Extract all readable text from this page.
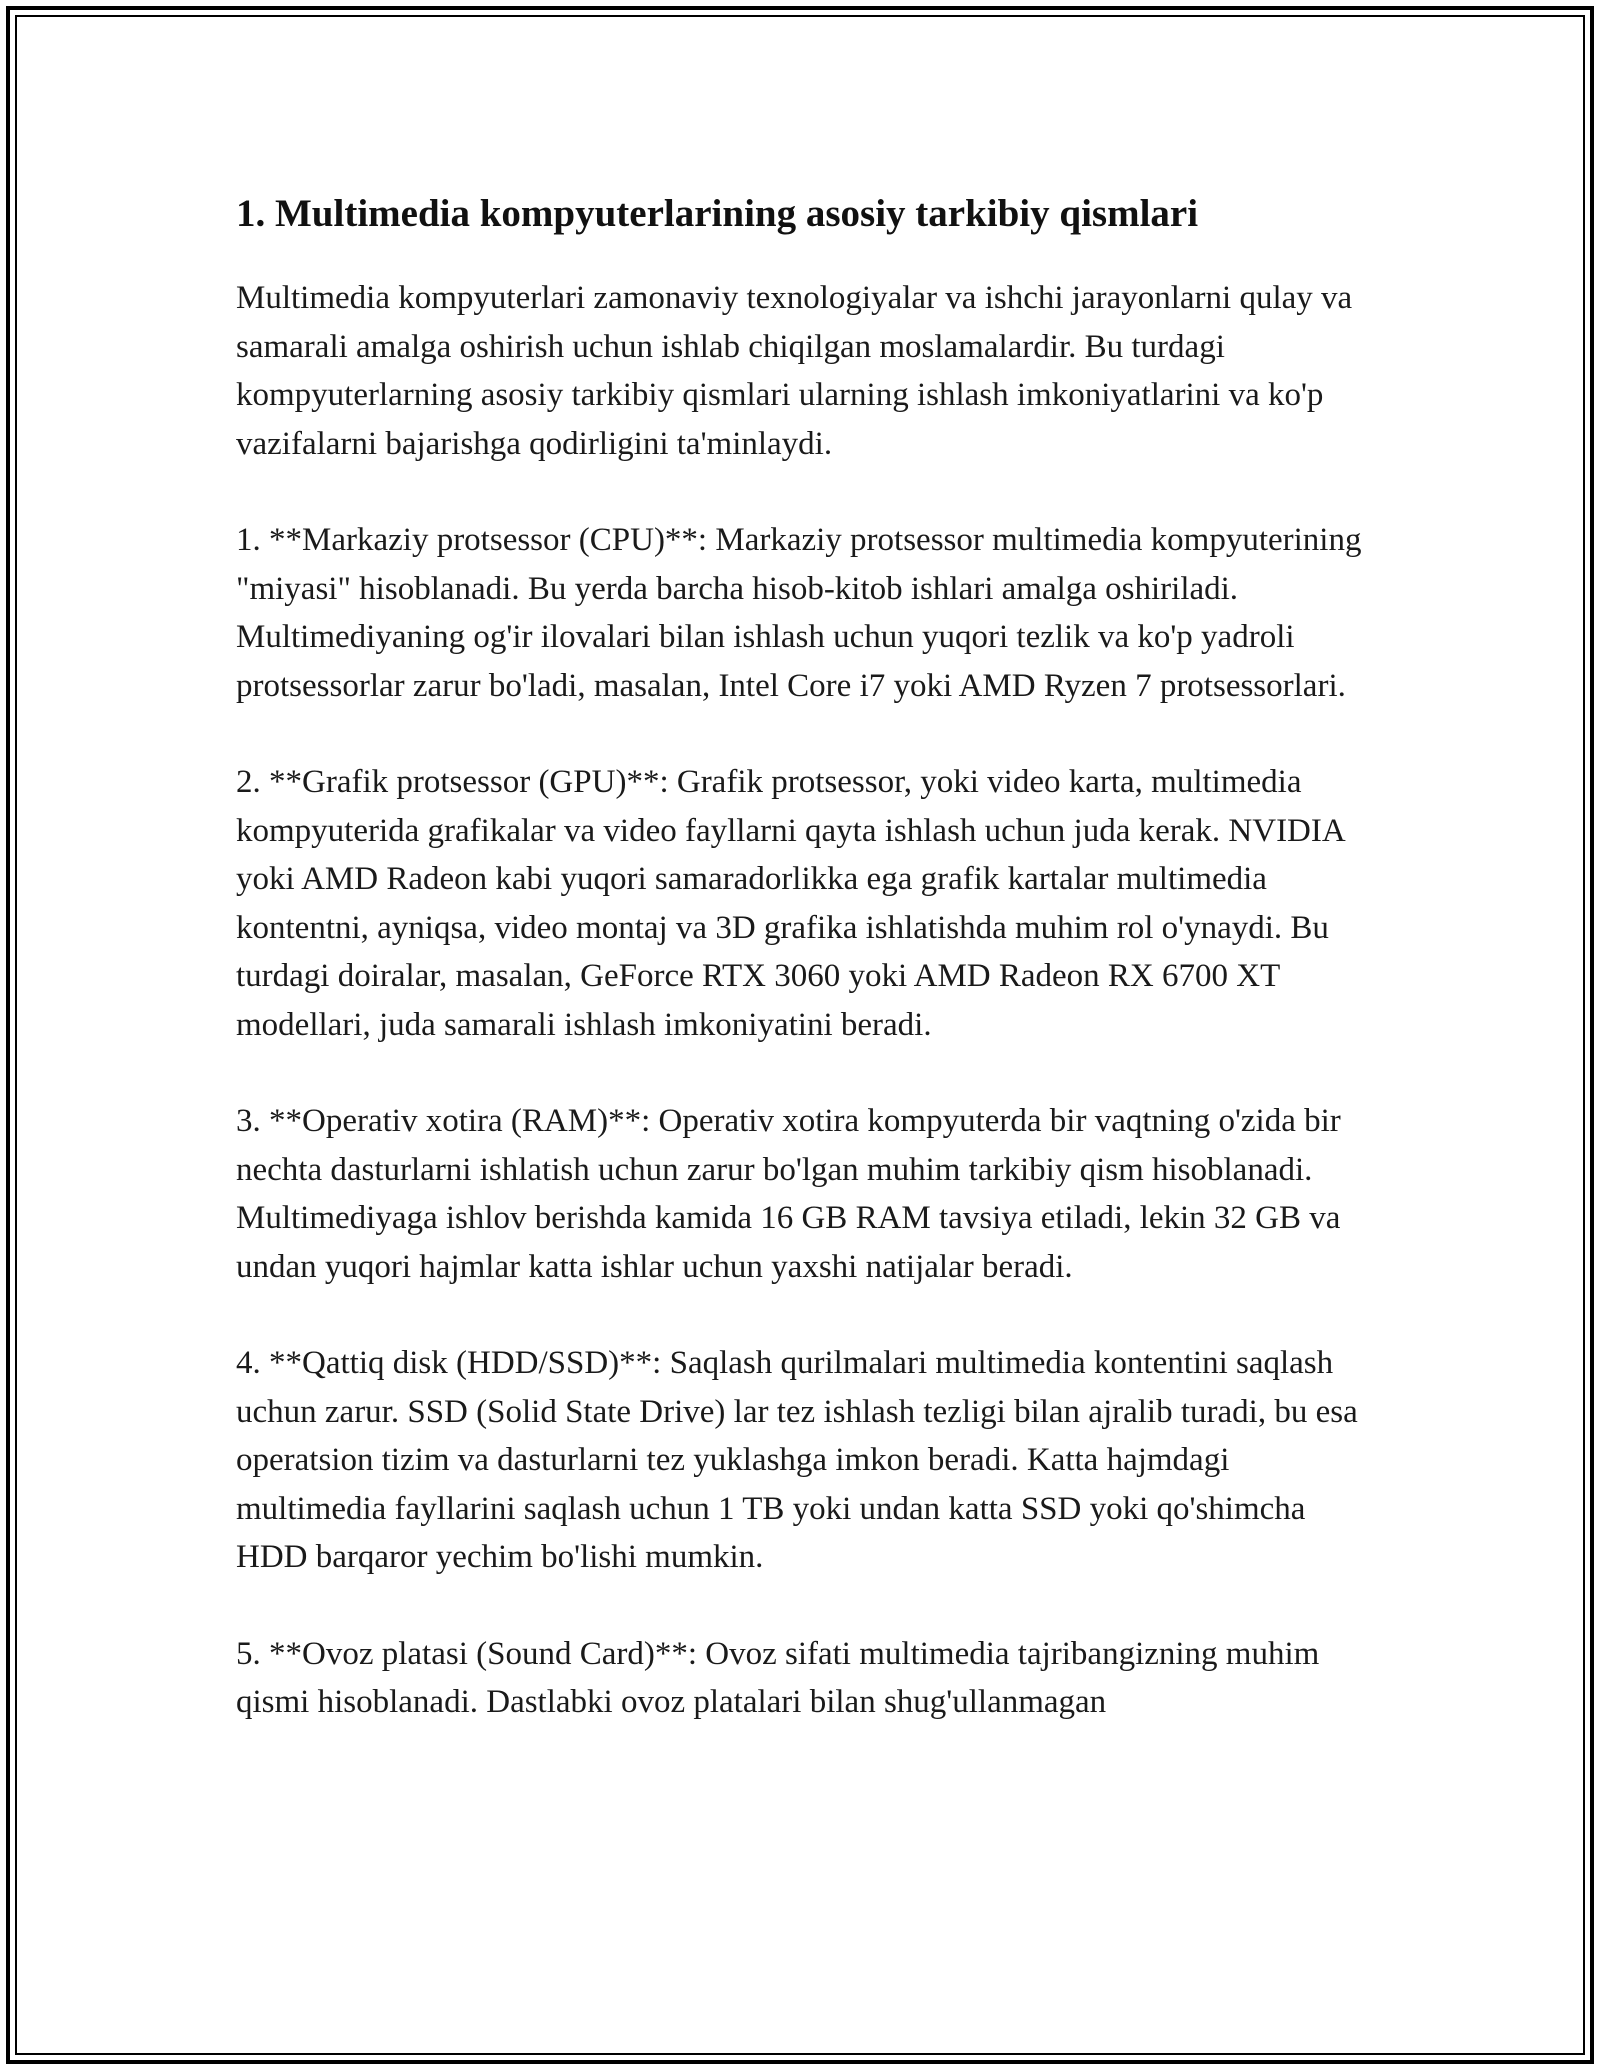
1. Multimedia kompyuterlarining asosiy tarkibiy qismlari

Multimedia kompyuterlari zamonaviy texnologiyalar va ishchi jarayonlarni qulay va samarali amalga oshirish uchun ishlab chiqilgan moslamalardir. Bu turdagi kompyuterlarning asosiy tarkibiy qismlari ularning ishlash imkoniyatlarini va ko'p vazifalarni bajarishga qodirligini ta'minlaydi.

1. **Markaziy protsessor (CPU)**: Markaziy protsessor multimedia kompyuterining "miyasi" hisoblanadi. Bu yerda barcha hisob-kitob ishlari amalga oshiriladi. Multimediyaning og'ir ilovalari bilan ishlash uchun yuqori tezlik va ko'p yadroli protsessorlar zarur bo'ladi, masalan, Intel Core i7 yoki AMD Ryzen 7 protsessorlari.

2. **Grafik protsessor (GPU)**: Grafik protsessor, yoki video karta, multimedia kompyuterida grafikalar va video fayllarni qayta ishlash uchun juda kerak. NVIDIA yoki AMD Radeon kabi yuqori samaradorlikka ega grafik kartalar multimedia kontentni, ayniqsa, video montaj va 3D grafika ishlatishda muhim rol o'ynaydi. Bu turdagi doiralar, masalan, GeForce RTX 3060 yoki AMD Radeon RX 6700 XT modellari, juda samarali ishlash imkoniyatini beradi.

3. **Operativ xotira (RAM)**: Operativ xotira kompyuterda bir vaqtning o'zida bir nechta dasturlarni ishlatish uchun zarur bo'lgan muhim tarkibiy qism hisoblanadi. Multimediyaga ishlov berishda kamida 16 GB RAM tavsiya etiladi, lekin 32 GB va undan yuqori hajmlar katta ishlar uchun yaxshi natijalar beradi.

4. **Qattiq disk (HDD/SSD)**: Saqlash qurilmalari multimedia kontentini saqlash uchun zarur. SSD (Solid State Drive) lar tez ishlash tezligi bilan ajralib turadi, bu esa operatsion tizim va dasturlarni tez yuklashga imkon beradi. Katta hajmdagi multimedia fayllarini saqlash uchun 1 TB yoki undan katta SSD yoki qo'shimcha HDD barqaror yechim bo'lishi mumkin.

5. **Ovoz platasi (Sound Card)**: Ovoz sifati multimedia tajribangizning muhim qismi hisoblanadi. Dastlabki ovoz platalari bilan shug'ullanmagan
